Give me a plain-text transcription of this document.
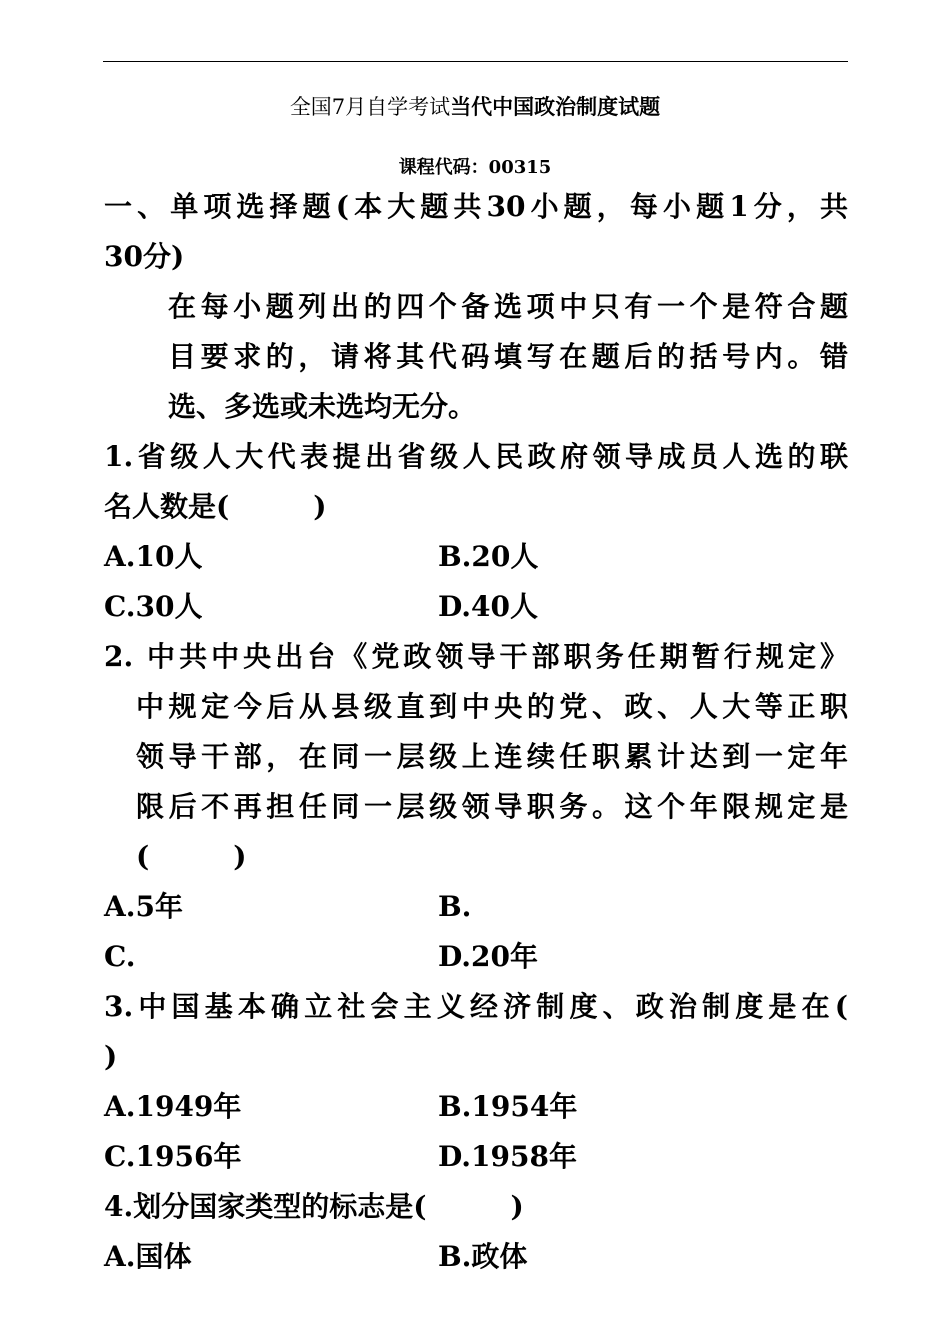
全国7月自学考试当代中国政治制度试题
课程代码：00315
一、单项选择题(本大题共30小题，每小题1分，共
30分)
在每小题列出的四个备选项中只有一个是符合题
目要求的，请将其代码填写在题后的括号内。错
选、多选或未选均无分。
1.省级人大代表提出省级人民政府领导成员人选的联
名人数是(　　　)
A.10人	B.20人
C.30人	D.40人
2. 中共中央出台《党政领导干部职务任期暂行规定》
中规定今后从县级直到中央的党、政、人大等正职
领导干部，在同一层级上连续任职累计达到一定年
限后不再担任同一层级领导职务。这个年限规定是
(　　　)
A.5年	B.
C.	D.20年
3.中国基本确立社会主义经济制度、政治制度是在(
)
A.1949年	B.1954年
C.1956年	D.1958年
4.划分国家类型的标志是(　　　)
A.国体	B.政体
